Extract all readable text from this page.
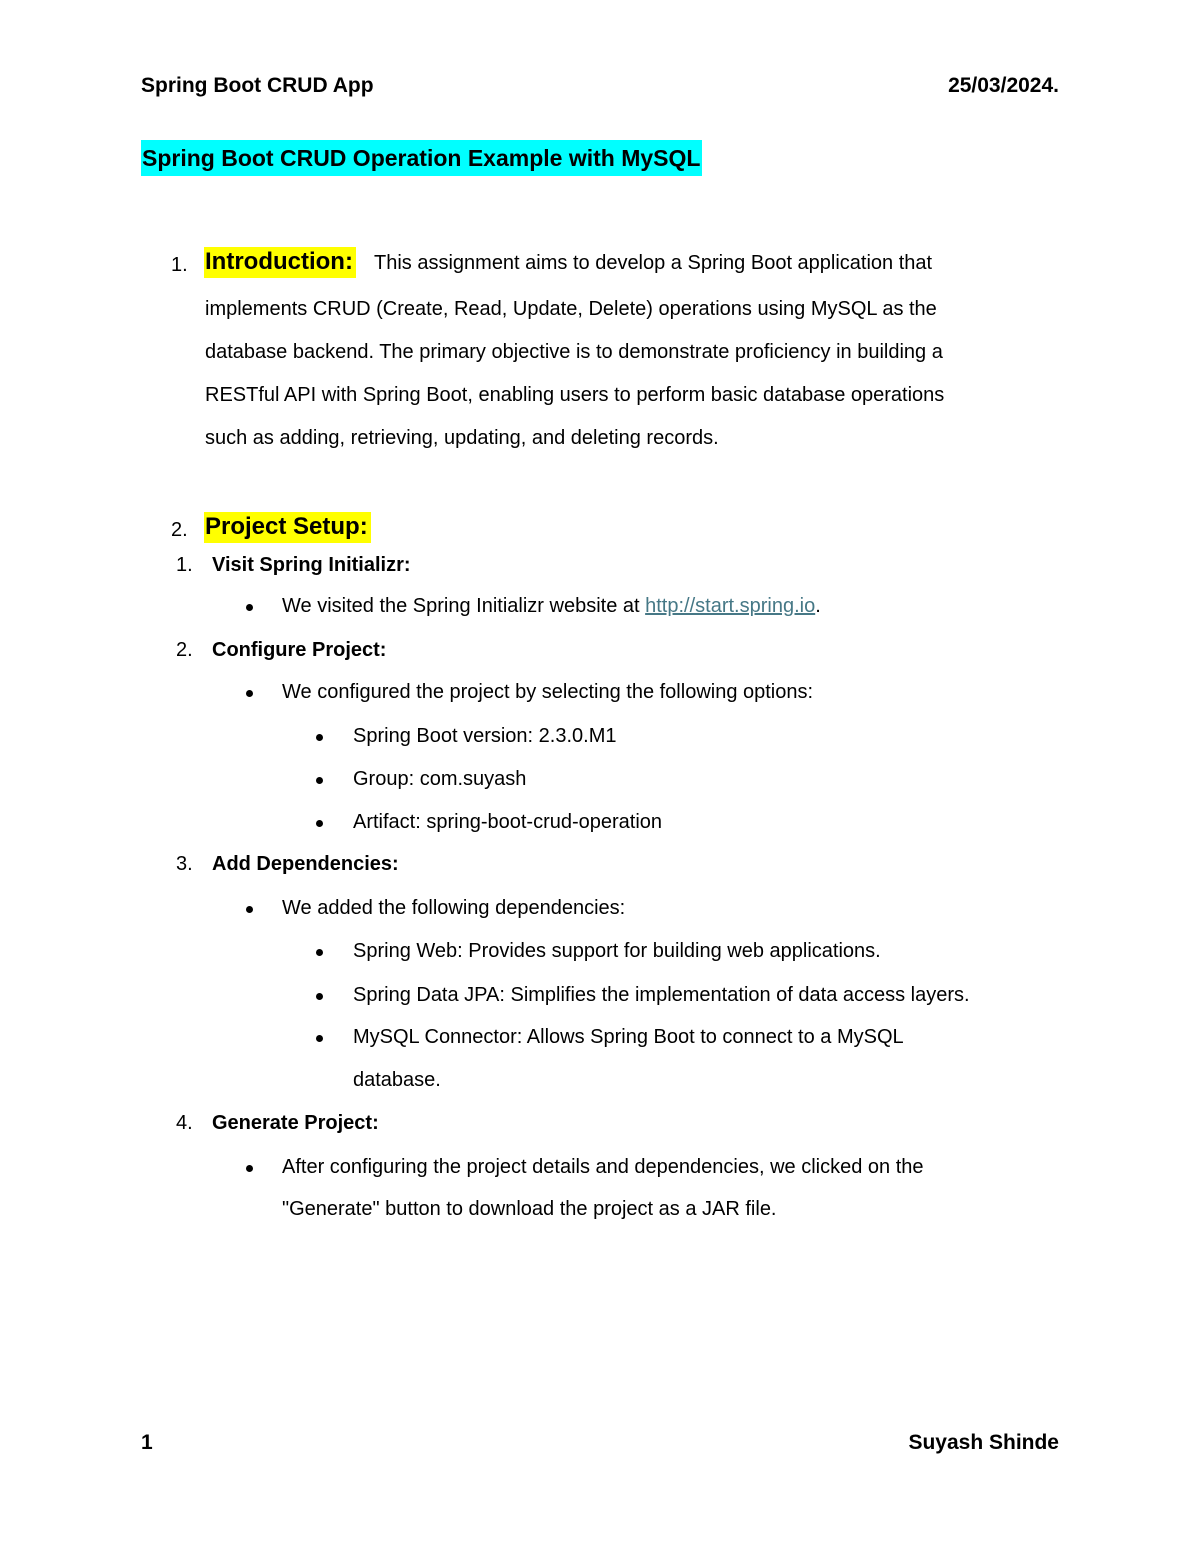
Spring Boot CRUD App	25/03/2024.
Spring Boot CRUD Operation Example with MySQL
1. Introduction: This assignment aims to develop a Spring Boot application that
implements CRUD (Create, Read, Update, Delete) operations using MySQL as the
database backend. The primary objective is to demonstrate proficiency in building a
RESTful API with Spring Boot, enabling users to perform basic database operations
such as adding, retrieving, updating, and deleting records.
2. Project Setup:
1. Visit Spring Initializr:
We visited the Spring Initializr website at http://start.spring.io.
2. Configure Project:
We configured the project by selecting the following options:
Spring Boot version: 2.3.0.M1
Group: com.suyash
Artifact: spring-boot-crud-operation
3. Add Dependencies:
We added the following dependencies:
Spring Web: Provides support for building web applications.
Spring Data JPA: Simplifies the implementation of data access layers.
MySQL Connector: Allows Spring Boot to connect to a MySQL
database.
4. Generate Project:
After configuring the project details and dependencies, we clicked on the
"Generate" button to download the project as a JAR file.
1	Suyash Shinde
